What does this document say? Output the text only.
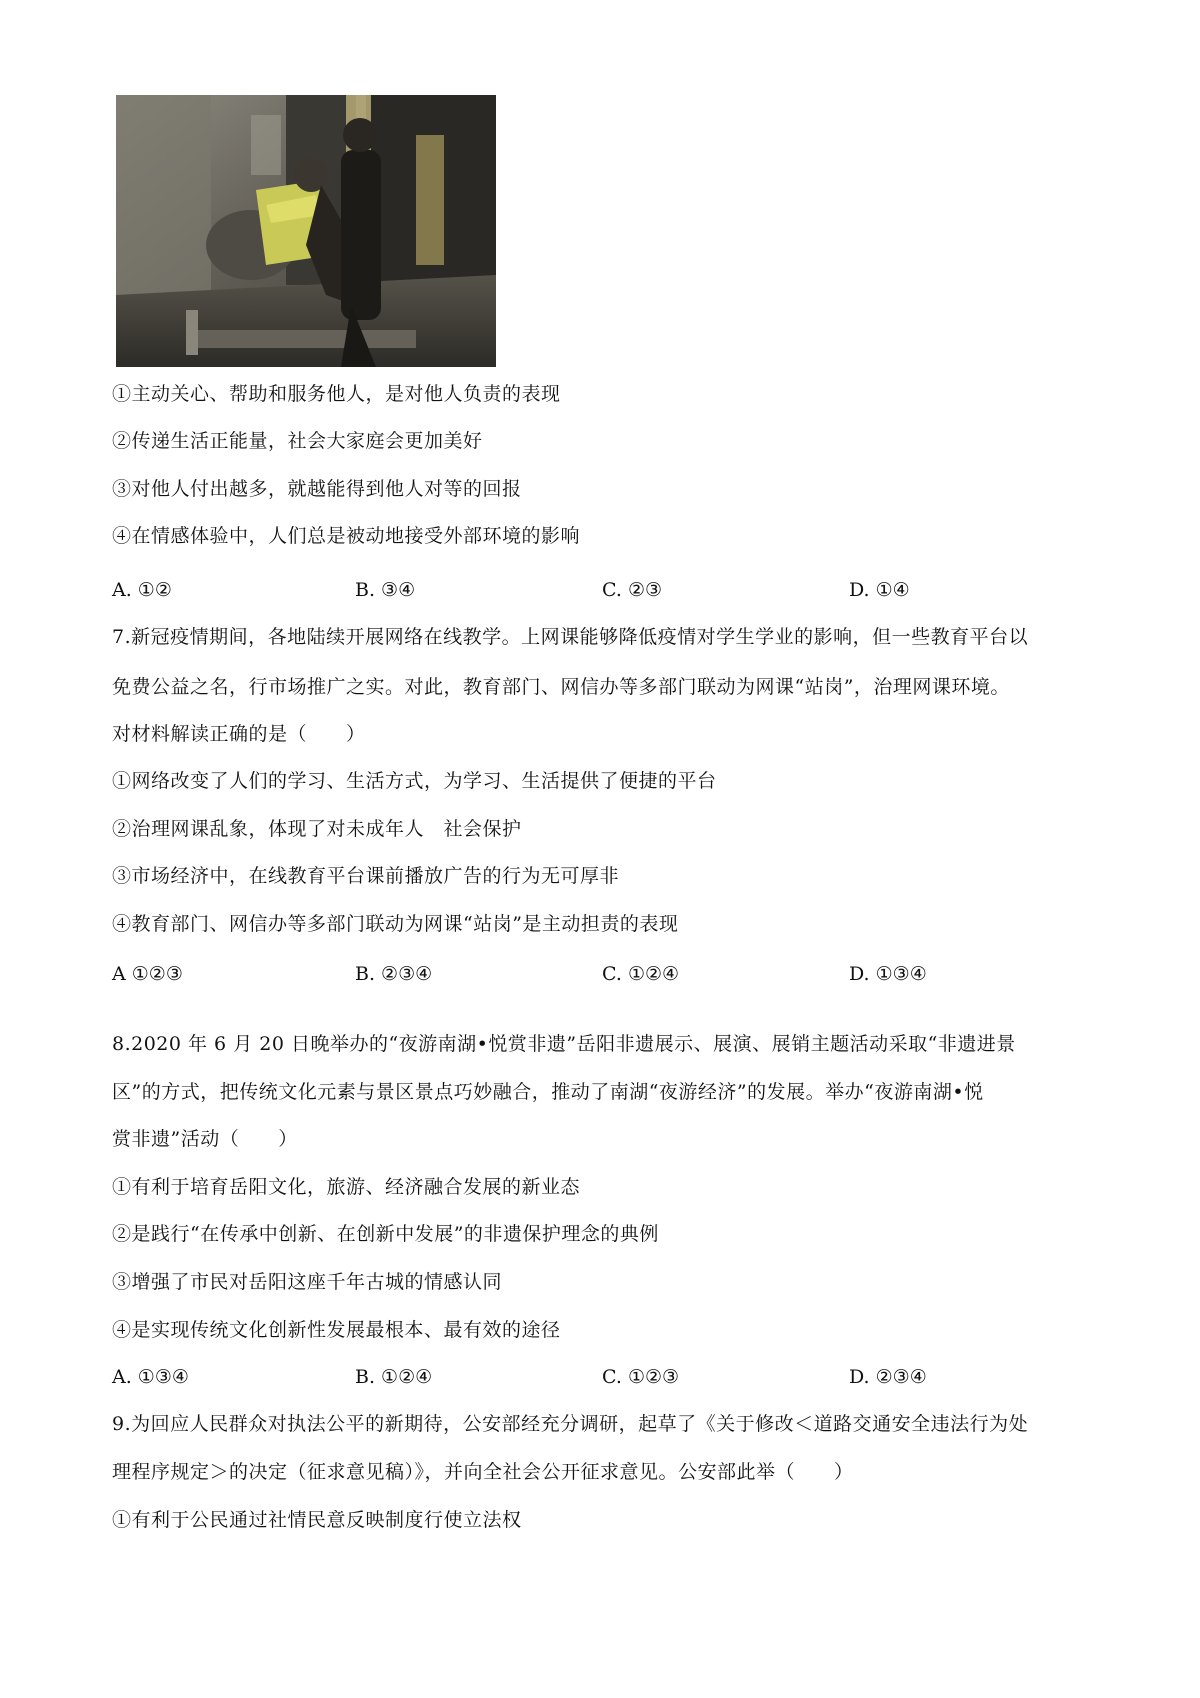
①主动关心、帮助和服务他人，是对他人负责的表现
②传递生活正能量，社会大家庭会更加美好
③对他人付出越多，就越能得到他人对等的回报
④在情感体验中，人们总是被动地接受外部环境的影响
A. ①②	B. ③④	C. ②③	D. ①④
7.新冠疫情期间，各地陆续开展网络在线教学。上网课能够降低疫情对学生学业的影响，但一些教育平台以
免费公益之名，行市场推广之实。对此，教育部门、网信办等多部门联动为网课“站岗”，治理网课环境。
对材料解读正确的是（　　）
①网络改变了人们的学习、生活方式，为学习、生活提供了便捷的平台
②治理网课乱象，体现了对未成年人　社会保护
③市场经济中，在线教育平台课前播放广告的行为无可厚非
④教育部门、网信办等多部门联动为网课“站岗”是主动担责的表现
A ①②③	B. ②③④	C. ①②④	D. ①③④
8.2020 年 6 月 20 日晚举办的“夜游南湖•悦赏非遗”岳阳非遗展示、展演、展销主题活动采取“非遗进景
区”的方式，把传统文化元素与景区景点巧妙融合，推动了南湖“夜游经济”的发展。举办“夜游南湖•悦
赏非遗”活动（　　）
①有利于培育岳阳文化，旅游、经济融合发展的新业态
②是践行“在传承中创新、在创新中发展”的非遗保护理念的典例
③增强了市民对岳阳这座千年古城的情感认同
④是实现传统文化创新性发展最根本、最有效的途径
A. ①③④	B. ①②④	C. ①②③	D. ②③④
9.为回应人民群众对执法公平的新期待，公安部经充分调研，起草了《关于修改＜道路交通安全违法行为处
理程序规定＞的决定（征求意见稿）》，并向全社会公开征求意见。公安部此举（　　）
①有利于公民通过社情民意反映制度行使立法权
